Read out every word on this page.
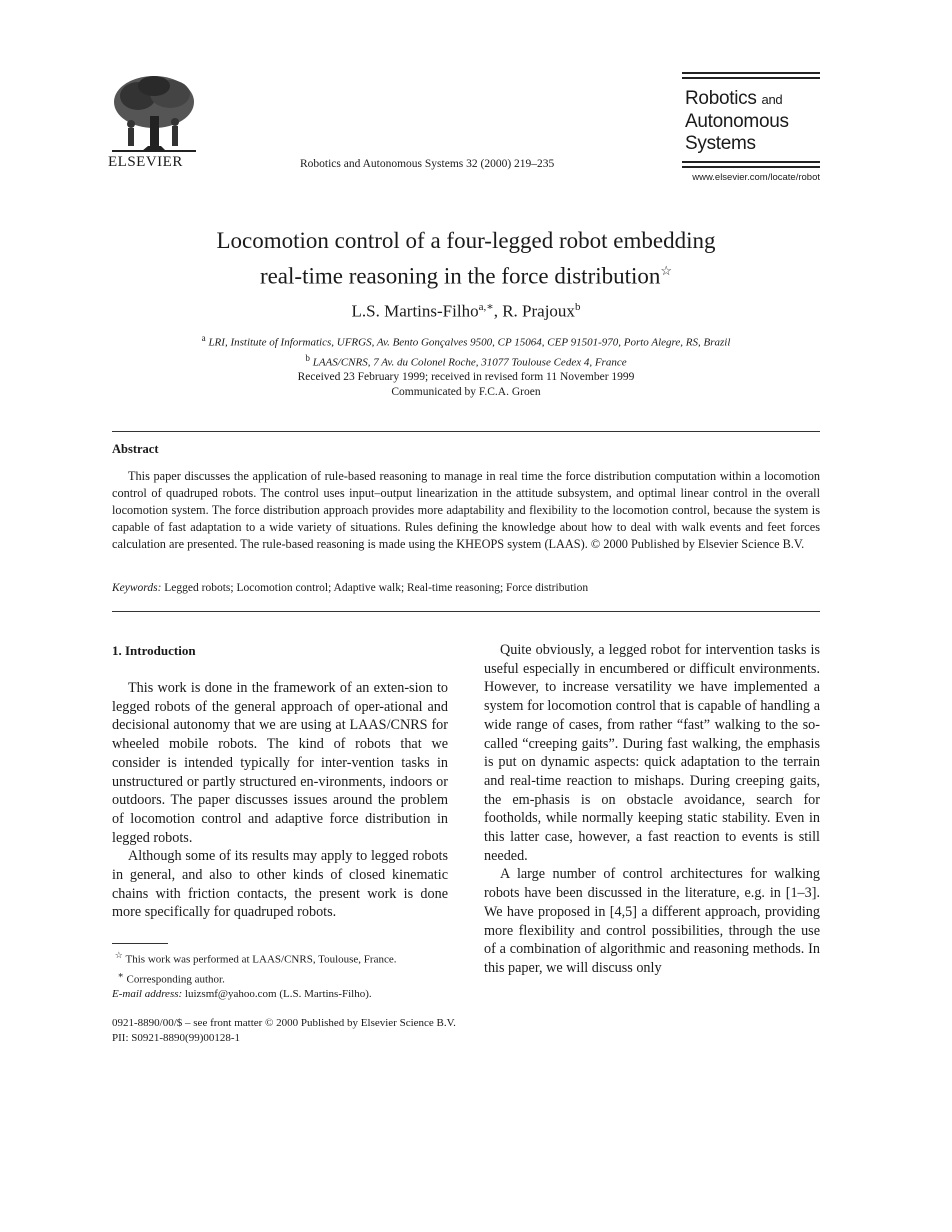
ELSEVIER	Robotics and Autonomous Systems 32 (2000) 219–235
Robotics and
Autonomous
Systems
www.elsevier.com/locate/robot
Locomotion control of a four-legged robot embedding
real-time reasoning in the force distribution☆
L.S. Martins-Filho$^{a,∗}$, R. Prajoux$^b$
$^a$ LRI, Institute of Informatics, UFRGS, Av. Bento Gonçalves 9500, CP 15064, CEP 91501-970, Porto Alegre, RS, Brazil
$^b$ LAAS/CNRS, 7 Av. du Colonel Roche, 31077 Toulouse Cedex 4, France
Received 23 February 1999; received in revised form 11 November 1999
Communicated by F.C.A. Groen
Abstract
This paper discusses the application of rule-based reasoning to manage in real time the force distribution computation within a locomotion control of quadruped robots. The control uses input–output linearization in the attitude subsystem, and optimal linear control in the overall locomotion system. The force distribution approach provides more adaptability and flexibility to the locomotion control, because the system is capable of fast adaptation to a wide variety of situations. Rules defining the knowledge about how to deal with walk events and feet forces calculation are presented. The rule-based reasoning is made using the KHEOPS system (LAAS). © 2000 Published by Elsevier Science B.V.
Keywords: Legged robots; Locomotion control; Adaptive walk; Real-time reasoning; Force distribution
1. Introduction

This work is done in the framework of an exten-sion to legged robots of the general approach of oper-ational and decisional autonomy that we are using at LAAS/CNRS for wheeled mobile robots. The kind of robots that we consider is intended typically for inter-vention tasks in unstructured or partly structured en-vironments, indoors or outdoors. The paper discusses issues around the problem of locomotion control and adaptive force distribution in legged robots.

Although some of its results may apply to legged robots in general, and also to other kinds of closed kinematic chains with friction contacts, the present work is done more specifically for quadruped robots.

Quite obviously, a legged robot for intervention tasks is useful especially in encumbered or difficult environments. However, to increase versatility we have implemented a system for locomotion control that is capable of handling a wide range of cases, from rather “fast” walking to the so-called “creeping gaits”. During fast walking, the emphasis is put on dynamic aspects: quick adaptation to the terrain and real-time reaction to mishaps. During creeping gaits, the em-phasis is on obstacle avoidance, search for footholds, while normally keeping static stability. Even in this latter case, however, a fast reaction to events is still needed.

A large number of control architectures for walking robots have been discussed in the literature, e.g. in [1–3]. We have proposed in [4,5] a different approach, providing more flexibility and control possibilities, through the use of a combination of algorithmic and reasoning methods. In this paper, we will discuss only

☆ This work was performed at LAAS/CNRS, Toulouse, France.
∗ Corresponding author.
E-mail address: luizsmf@yahoo.com (L.S. Martins-Filho).
0921-8890/00/$ – see front matter © 2000 Published by Elsevier Science B.V.
PII: S0921-8890(99)00128-1
